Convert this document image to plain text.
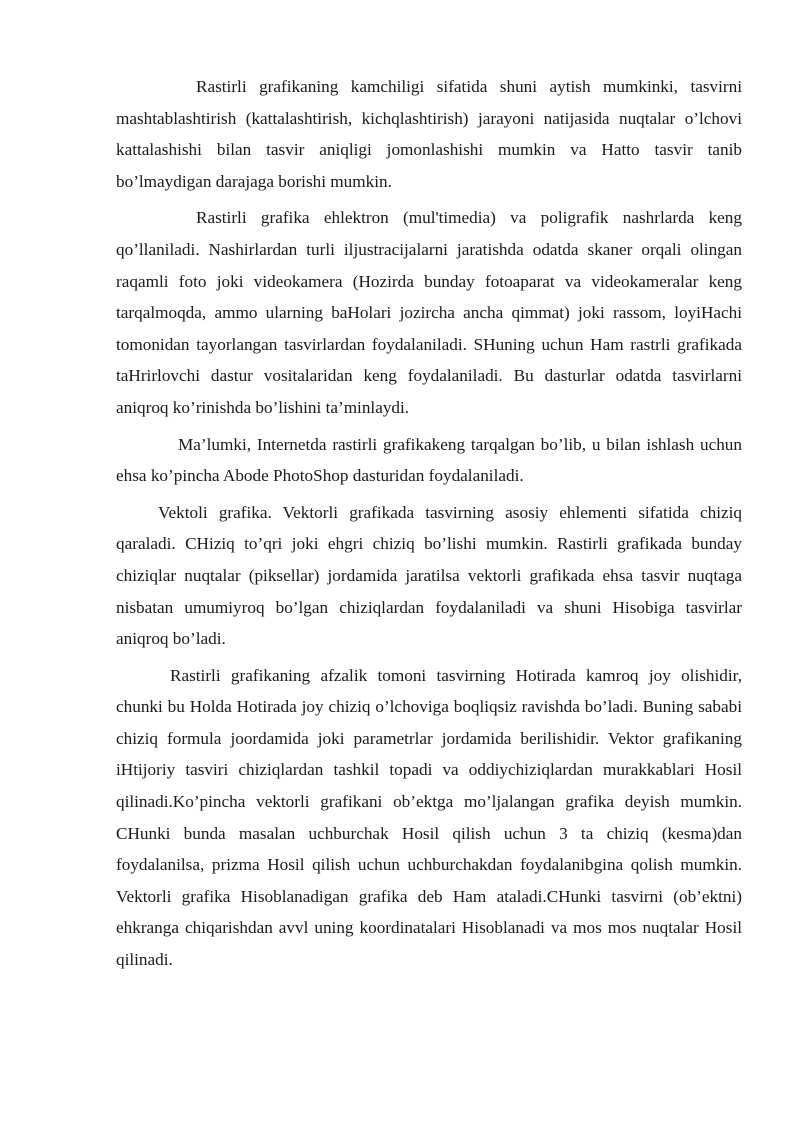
Rastirli grafikaning kamchiligi sifatida shuni aytish mumkinki, tasvirni mashtablashtirish (kattalashtirish, kichqlashtirish) jarayoni natijasida nuqtalar o’lchovi kattalashishi bilan tasvir aniqligi jomonlashishi mumkin va Hatto tasvir tanib bo’lmaydigan darajaga borishi mumkin.

Rastirli grafika ehlektron (mul'timedia) va poligrafik nashrlarda keng qo’llaniladi. Nashirlardan turli iljustracijalarni jaratishda odatda skaner orqali olingan raqamli foto joki videokamera (Hozirda bunday fotoaparat va videokameralar keng tarqalmoqda, ammo ularning baHolari jozircha ancha qimmat) joki rassom, loyiHachi tomonidan tayorlangan tasvirlardan foydalaniladi. SHuning uchun Ham rastrli grafikada taHrirlovchi dastur vositalaridan keng foydalaniladi. Bu dasturlar odatda tasvirlarni aniqroq ko’rinishda bo’lishini ta’minlaydi.

Ma’lumki, Internetda rastirli grafikakeng tarqalgan bo’lib, u bilan ishlash uchun ehsa ko’pincha Abode PhotoShop dasturidan foydalaniladi.

Vektoli grafika. Vektorli grafikada tasvirning asosiy ehlementi sifatida chiziq qaraladi. CHiziq to’qri joki ehgri chiziq bo’lishi mumkin. Rastirli grafikada bunday chiziqlar nuqtalar (piksellar) jordamida jaratilsa vektorli grafikada ehsa tasvir nuqtaga nisbatan umumiyroq bo’lgan chiziqlardan foydalaniladi va shuni Hisobiga tasvirlar aniqroq bo’ladi.

Rastirli grafikaning afzalik tomoni tasvirning Hotirada kamroq joy olishidir, chunki bu Holda Hotirada joy chiziq o’lchoviga boqliqsiz ravishda bo’ladi. Buning sababi chiziq formula joordamida joki parametrlar jordamida berilishidir. Vektor grafikaning iHtijoriy tasviri chiziqlardan tashkil topadi va oddiychiziqlardan murakkablari Hosil qilinadi.Ko’pincha vektorli grafikani ob’ektga mo’ljalangan grafika deyish mumkin. CHunki bunda masalan uchburchak Hosil qilish uchun 3 ta chiziq (kesma)dan foydalanilsa, prizma Hosil qilish uchun uchburchakdan foydalanibgina qolish mumkin. Vektorli grafika Hisoblanadigan grafika deb Ham ataladi.CHunki tasvirni (ob’ektni) ehkranga chiqarishdan avvl uning koordinatalari Hisoblanadi va mos mos nuqtalar Hosil qilinadi.
